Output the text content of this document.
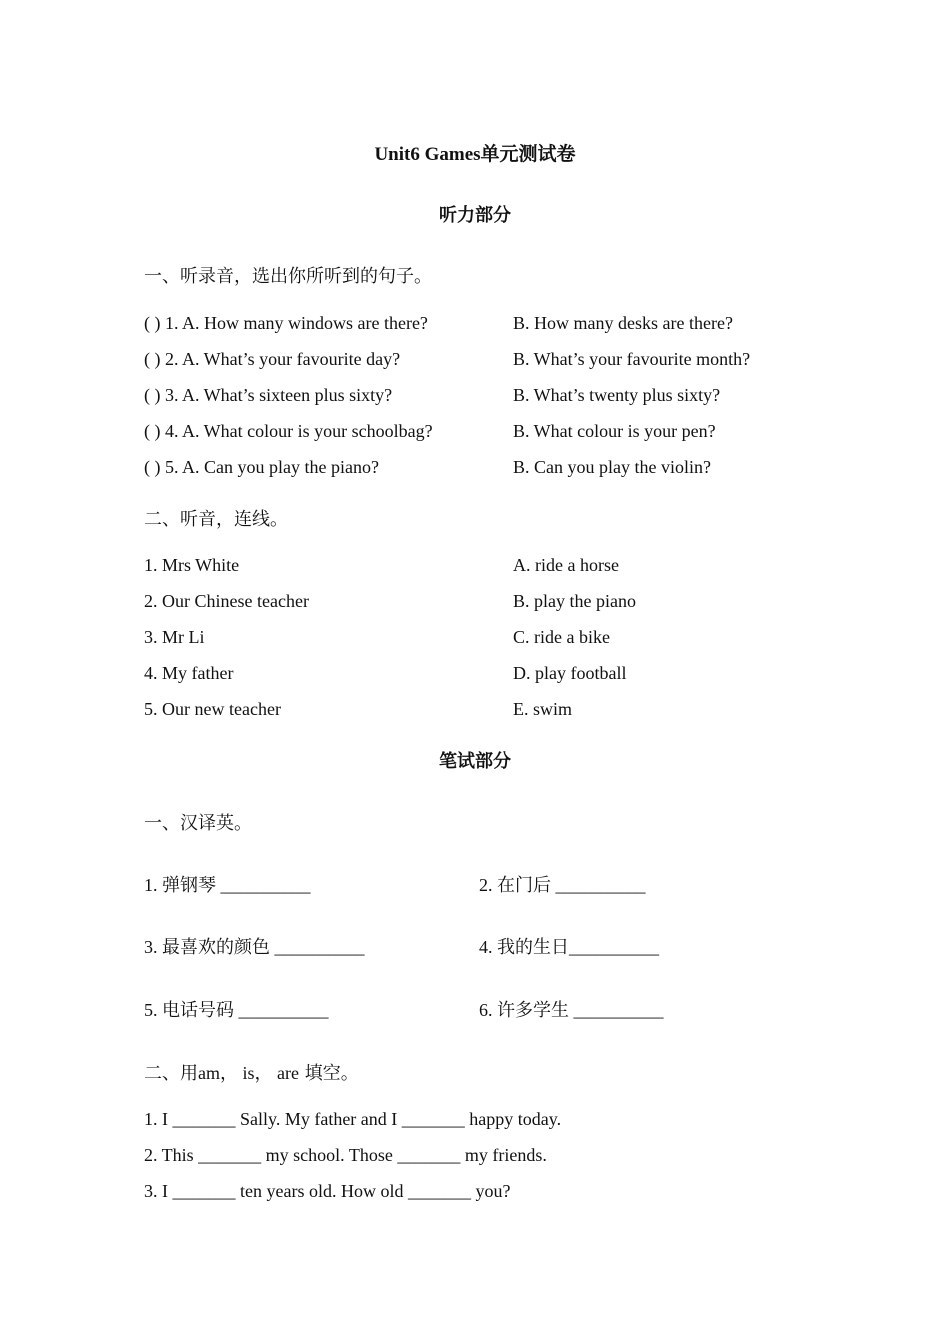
Unit6 Games单元测试卷
听力部分
一、听录音，选出你所听到的句子。
( ) 1. A. How many windows are there?	B. How many desks are there?
( ) 2. A. What’s your favourite day?	B. What’s your favourite month?
( ) 3. A. What’s sixteen plus sixty?	B. What’s twenty plus sixty?
( ) 4. A. What colour is your schoolbag?	B. What colour is your pen?
( ) 5. A. Can you play the piano?	B. Can you play the violin?
二、听音，连线。
1. Mrs White	A. ride a horse
2. Our Chinese teacher	B. play the piano
3. Mr Li	C. ride a bike
4. My father	D. play football
5. Our new teacher	E. swim
笔试部分
一、汉译英。
1. 弹钢琴 __________	2. 在门后 __________
3. 最喜欢的颜色 __________	4. 我的生日__________
5. 电话号码 __________	6. 许多学生 __________
二、用am， is， are 填空。
1. I _______ Sally. My father and I _______ happy today.
2. This _______ my school. Those _______ my friends.
3. I _______ ten years old. How old _______ you?
